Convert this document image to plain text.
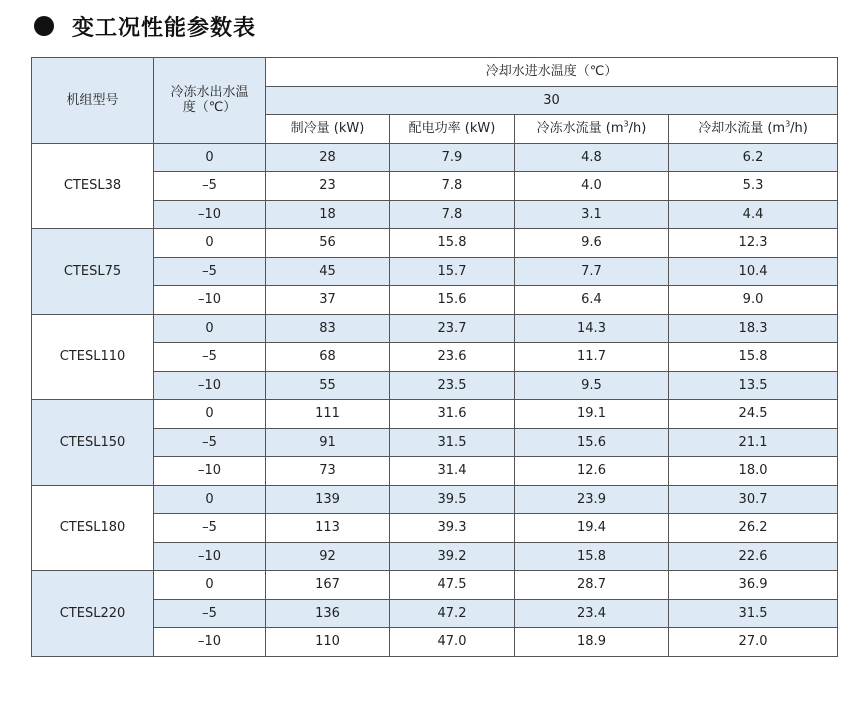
变工况性能参数表
机组型号	冷冻水出水温度（℃）	冷却水进水温度（℃）			
		30			
		制冷量 (kW)	配电功率 (kW)	冷冻水流量 $(m^3/h)$	冷却水流量 $(m^3/h)$
CTESL38	0	28	7.9	4.8	6.2
	–5	23	7.8	4.0	5.3
	–10	18	7.8	3.1	4.4
CTESL75	0	56	15.8	9.6	12.3
	–5	45	15.7	7.7	10.4
	–10	37	15.6	6.4	9.0
CTESL110	0	83	23.7	14.3	18.3
	–5	68	23.6	11.7	15.8
	–10	55	23.5	9.5	13.5
CTESL150	0	111	31.6	19.1	24.5
	–5	91	31.5	15.6	21.1
	–10	73	31.4	12.6	18.0
CTESL180	0	139	39.5	23.9	30.7
	–5	113	39.3	19.4	26.2
	–10	92	39.2	15.8	22.6
CTESL220	0	167	47.5	28.7	36.9
	–5	136	47.2	23.4	31.5
	–10	110	47.0	18.9	27.0
